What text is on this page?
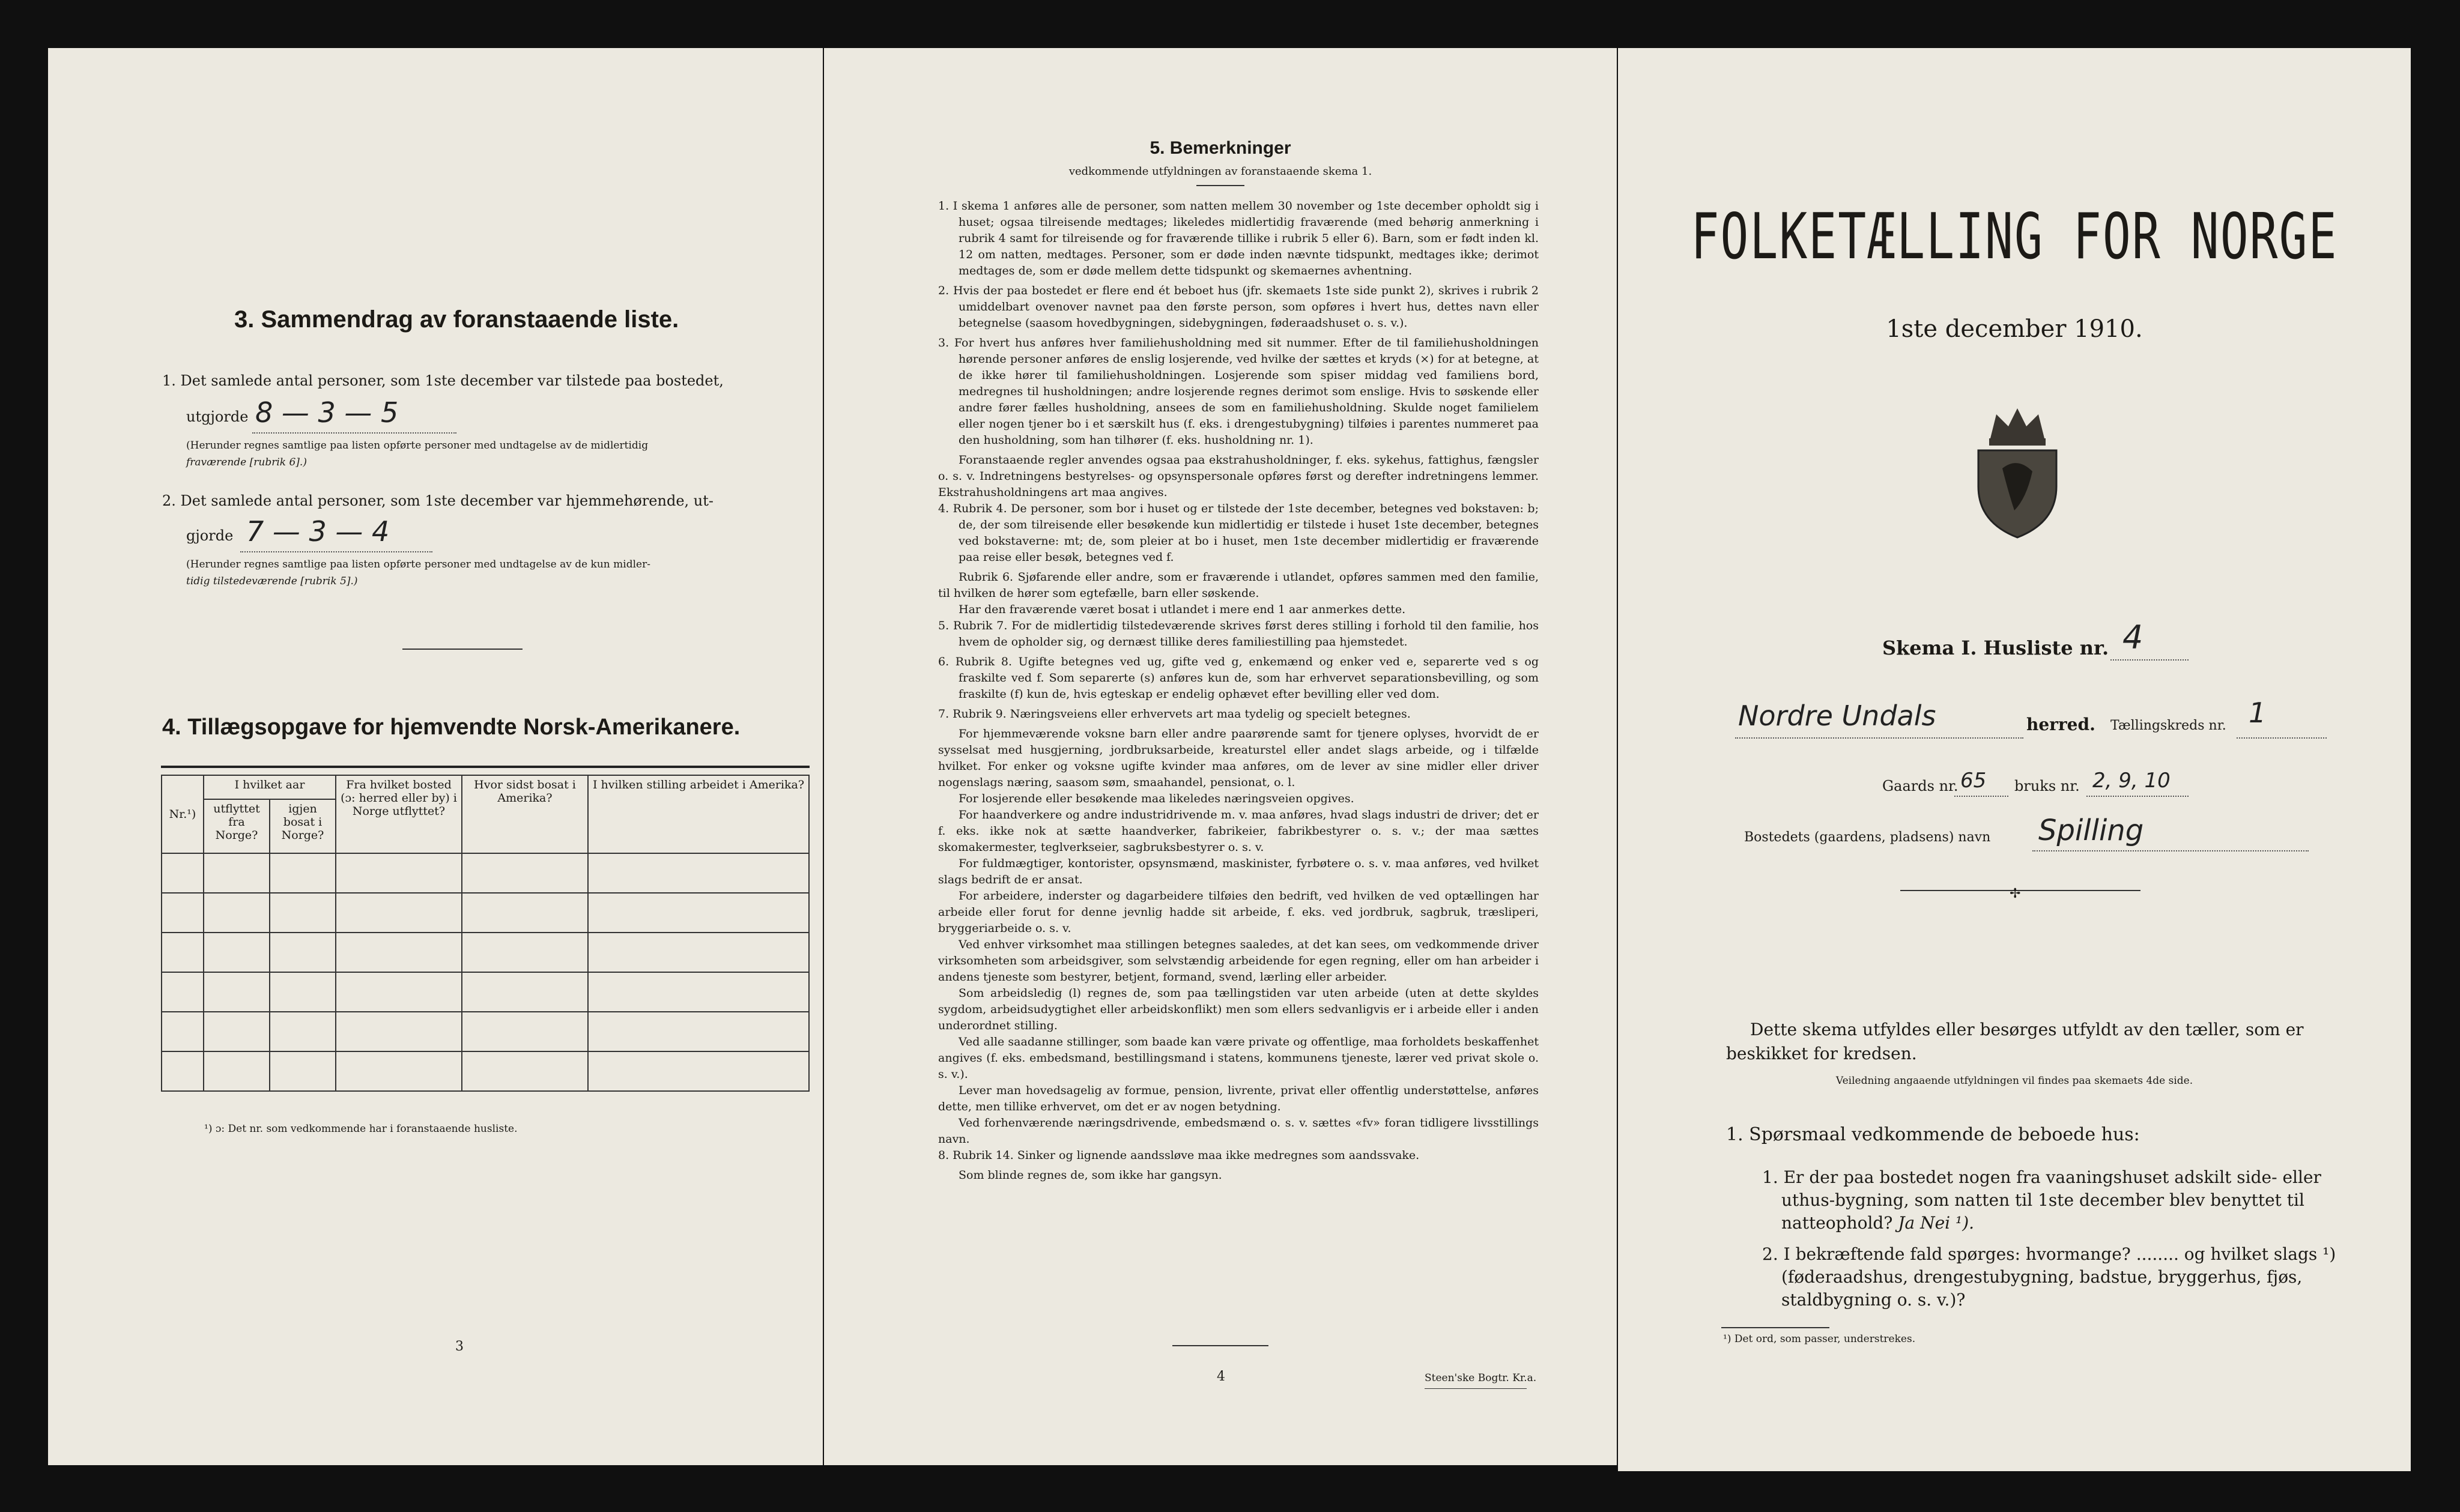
3. Sammendrag av foranstaaende liste.
1. Det samlede antal personer, som 1ste december var tilstede paa bostedet,
utgjorde 8 — 3 — 5
(Herunder regnes samtlige paa listen opførte personer med undtagelse av de midlertidig
fraværende [rubrik 6].)
2. Det samlede antal personer, som 1ste december var hjemmehørende, ut-
gjorde 7 — 3 — 4
(Herunder regnes samtlige paa listen opførte personer med undtagelse av de kun midler-
tidig tilstedeværende [rubrik 5].)
4. Tillægsopgave for hjemvendte Norsk-Amerikanere.
Nr.¹)	I hvilket aar		Fra hvilket bosted (ɔ: herred eller by) i Norge utflyttet?	Hvor sidst bosat i Amerika?	I hvilken stilling arbeidet i Amerika?
	utflyttet fra Norge?	igjen bosat i Norge?			

¹) ɔ: Det nr. som vedkommende har i foranstaaende husliste.
3
5. Bemerkninger
vedkommende utfyldningen av foranstaaende skema 1.

1. I skema 1 anføres alle de personer, som natten mellem 30 november og 1ste december opholdt sig i huset; ogsaa tilreisende medtages; likeledes midlertidig fraværende (med behørig anmerkning i rubrik 4 samt for tilreisende og for fraværende tillike i rubrik 5 eller 6). Barn, som er født inden kl. 12 om natten, medtages. Personer, som er døde inden nævnte tidspunkt, medtages ikke; derimot medtages de, som er døde mellem dette tidspunkt og skemaernes avhentning.

2. Hvis der paa bostedet er flere end ét beboet hus (jfr. skemaets 1ste side punkt 2), skrives i rubrik 2 umiddelbart ovenover navnet paa den første person, som opføres i hvert hus, dettes navn eller betegnelse (saasom hovedbygningen, sidebygningen, føderaadshuset o. s. v.).

3. For hvert hus anføres hver familiehusholdning med sit nummer. Efter de til familiehusholdningen hørende personer anføres de enslig losjerende, ved hvilke der sættes et kryds (×) for at betegne, at de ikke hører til familiehusholdningen. Losjerende som spiser middag ved familiens bord, medregnes til husholdningen; andre losjerende regnes derimot som enslige. Hvis to søskende eller andre fører fælles husholdning, ansees de som en familiehusholdning. Skulde noget familielem eller nogen tjener bo i et særskilt hus (f. eks. i drengestubygning) tilføies i parentes nummeret paa den husholdning, som han tilhører (f. eks. husholdning nr. 1).

Foranstaaende regler anvendes ogsaa paa ekstrahusholdninger, f. eks. sykehus, fattighus, fængsler o. s. v. Indretningens bestyrelses- og opsynspersonale opføres først og derefter indretningens lemmer. Ekstrahusholdningens art maa angives.

4. Rubrik 4. De personer, som bor i huset og er tilstede der 1ste december, betegnes ved bokstaven: b; de, der som tilreisende eller besøkende kun midlertidig er tilstede i huset 1ste december, betegnes ved bokstaverne: mt; de, som pleier at bo i huset, men 1ste december midlertidig er fraværende paa reise eller besøk, betegnes ved f.

Rubrik 6. Sjøfarende eller andre, som er fraværende i utlandet, opføres sammen med den familie, til hvilken de hører som egtefælle, barn eller søskende.

Har den fraværende været bosat i utlandet i mere end 1 aar anmerkes dette.

5. Rubrik 7. For de midlertidig tilstedeværende skrives først deres stilling i forhold til den familie, hos hvem de opholder sig, og dernæst tillike deres familiestilling paa hjemstedet.

6. Rubrik 8. Ugifte betegnes ved ug, gifte ved g, enkemænd og enker ved e, separerte ved s og fraskilte ved f. Som separerte (s) anføres kun de, som har erhvervet separationsbevilling, og som fraskilte (f) kun de, hvis egteskap er endelig ophævet efter bevilling eller ved dom.

7. Rubrik 9. Næringsveiens eller erhvervets art maa tydelig og specielt betegnes.

For hjemmeværende voksne barn eller andre paarørende samt for tjenere oplyses, hvorvidt de er sysselsat med husgjerning, jordbruksarbeide, kreaturstel eller andet slags arbeide, og i tilfælde hvilket. For enker og voksne ugifte kvinder maa anføres, om de lever av sine midler eller driver nogenslags næring, saasom søm, smaahandel, pensionat, o. l.

For losjerende eller besøkende maa likeledes næringsveien opgives.

For haandverkere og andre industridrivende m. v. maa anføres, hvad slags industri de driver; det er f. eks. ikke nok at sætte haandverker, fabrikeier, fabrikbestyrer o. s. v.; der maa sættes skomakermester, teglverkseier, sagbruksbestyrer o. s. v.

For fuldmægtiger, kontorister, opsynsmænd, maskinister, fyrbøtere o. s. v. maa anføres, ved hvilket slags bedrift de er ansat.

For arbeidere, inderster og dagarbeidere tilføies den bedrift, ved hvilken de ved optællingen har arbeide eller forut for denne jevnlig hadde sit arbeide, f. eks. ved jordbruk, sagbruk, træsliperi, bryggeriarbeide o. s. v.

Ved enhver virksomhet maa stillingen betegnes saaledes, at det kan sees, om vedkommende driver virksomheten som arbeidsgiver, som selvstændig arbeidende for egen regning, eller om han arbeider i andens tjeneste som bestyrer, betjent, formand, svend, lærling eller arbeider.

Som arbeidsledig (l) regnes de, som paa tællingstiden var uten arbeide (uten at dette skyldes sygdom, arbeidsudygtighet eller arbeidskonflikt) men som ellers sedvanligvis er i arbeide eller i anden underordnet stilling.

Ved alle saadanne stillinger, som baade kan være private og offentlige, maa forholdets beskaffenhet angives (f. eks. embedsmand, bestillingsmand i statens, kommunens tjeneste, lærer ved privat skole o. s. v.).

Lever man hovedsagelig av formue, pension, livrente, privat eller offentlig understøttelse, anføres dette, men tillike erhvervet, om det er av nogen betydning.

Ved forhenværende næringsdrivende, embedsmænd o. s. v. sættes «fv» foran tidligere livsstillings navn.

8. Rubrik 14. Sinker og lignende aandssløve maa ikke medregnes som aandssvake.

Som blinde regnes de, som ikke har gangsyn.

4	Steen'ske Bogtr. Kr.a.
FOLKETÆLLING FOR NORGE
1ste december 1910.
Skema I. Husliste nr. 4
Nordre Undals	herred. Tællingskreds nr. 1
Gaards nr. 65 bruks nr. 2, 9, 10
Bostedets (gaardens, pladsens) navn Spilling
✢
Dette skema utfyldes eller besørges utfyldt av den tæller, som er beskikket for kredsen.
Veiledning angaaende utfyldningen vil findes paa skemaets 4de side.
1. Spørsmaal vedkommende de beboede hus:
1. Er der paa bostedet nogen fra vaaningshuset adskilt side- eller uthus-bygning, som natten til 1ste december blev benyttet til natteophold? Ja Nei ¹).
2. I bekræftende fald spørges: hvormange? ........ og hvilket slags ¹) (føderaadshus, drengestubygning, badstue, bryggerhus, fjøs, staldbygning o. s. v.)?
¹) Det ord, som passer, understrekes.
